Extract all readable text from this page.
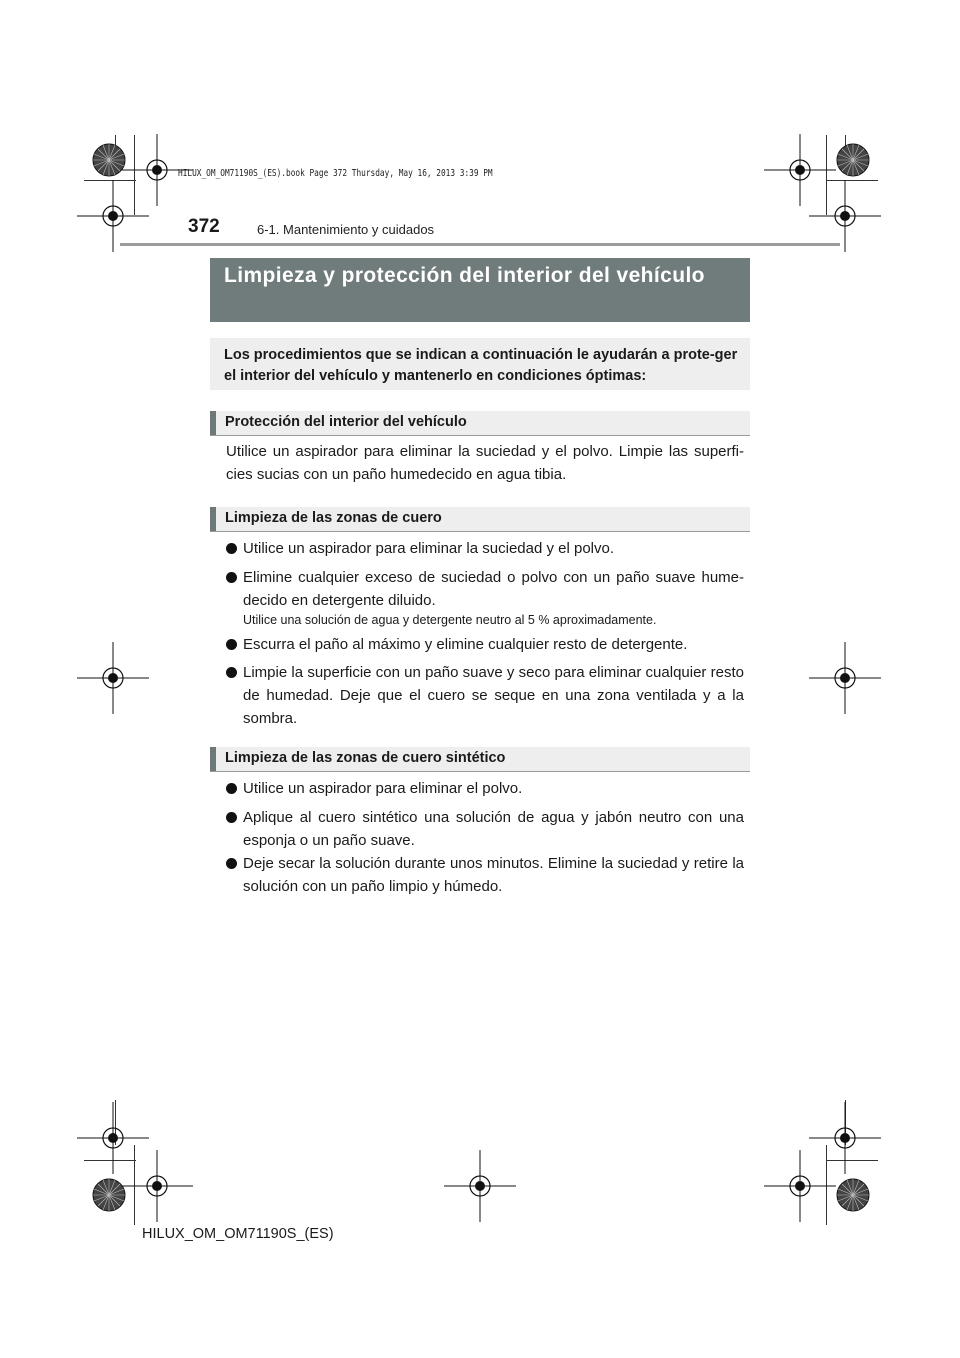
HILUX_OM_OM71190S_(ES).book Page 372 Thursday, May 16, 2013 3:39 PM
372	6-1. Mantenimiento y cuidados
Limpieza y protección del interior del vehículo
Los procedimientos que se indican a continuación le ayudarán a prote-ger el interior del vehículo y mantenerlo en condiciones óptimas:
Protección del interior del vehículo
Utilice un aspirador para eliminar la suciedad y el polvo. Limpie las superfi-cies sucias con un paño humedecido en agua tibia.
Limpieza de las zonas de cuero
Utilice un aspirador para eliminar la suciedad y el polvo.
Elimine cualquier exceso de suciedad o polvo con un paño suave hume-decido en detergente diluido.
Utilice una solución de agua y detergente neutro al 5 % aproximadamente.
Escurra el paño al máximo y elimine cualquier resto de detergente.
Limpie la superficie con un paño suave y seco para eliminar cualquier resto de humedad. Deje que el cuero se seque en una zona ventilada y a la sombra.
Limpieza de las zonas de cuero sintético
Utilice un aspirador para eliminar el polvo.
Aplique al cuero sintético una solución de agua y jabón neutro con una esponja o un paño suave.
Deje secar la solución durante unos minutos. Elimine la suciedad y retire la solución con un paño limpio y húmedo.
HILUX_OM_OM71190S_(ES)
